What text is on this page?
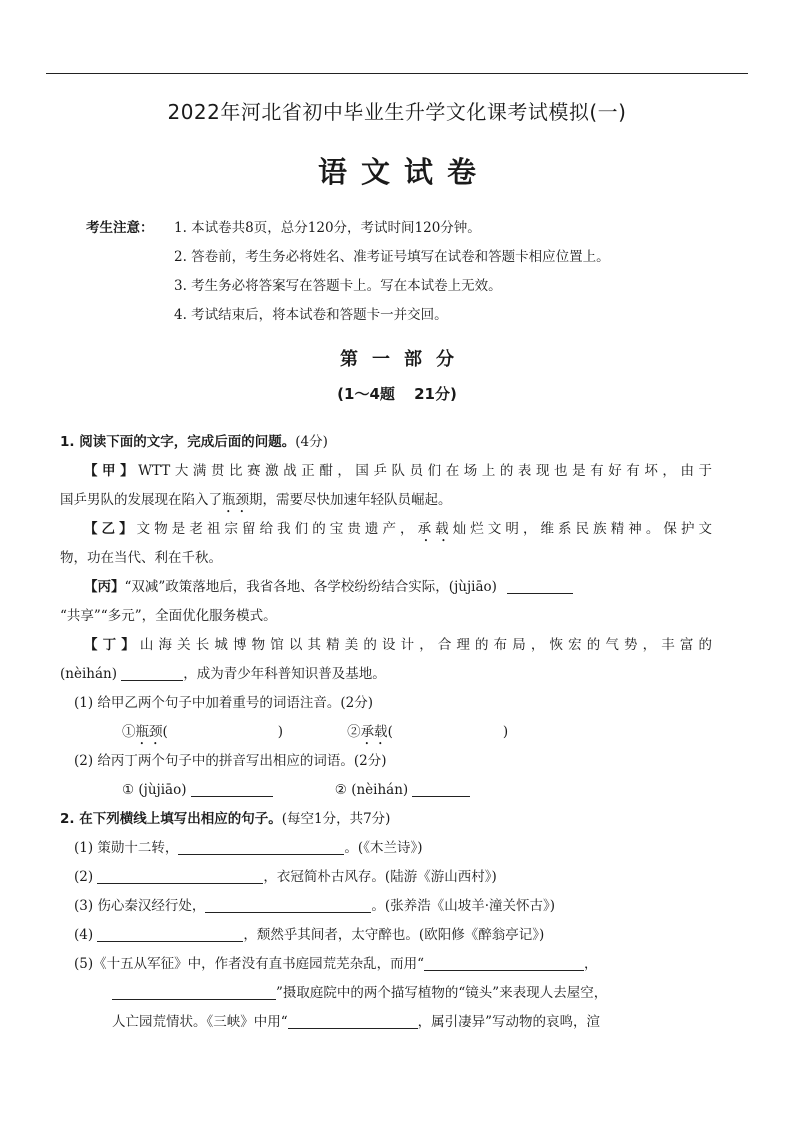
2022年河北省初中毕业生升学文化课考试模拟(一)
语文试卷
考生注意：	1. 本试卷共8页，总分120分，考试时间120分钟。
2. 答卷前，考生务必将姓名、准考证号填写在试卷和答题卡相应位置上。
3. 考生务必将答案写在答题卡上。写在本试卷上无效。
4. 考试结束后，将本试卷和答题卡一并交回。
第一部分
(1～4题 21分)
1. 阅读下面的文字，完成后面的问题。(4分)
【甲】WTT大满贯比赛激战正酣，国乒队员们在场上的表现也是有好有坏，由于
国乒男队的发展现在陷入了瓶颈期，需要尽快加速年轻队员崛起。
【乙】文物是老祖宗留给我们的宝贵遗产，承载灿烂文明，维系民族精神。保护文
物，功在当代、利在千秋。
【丙】“双减”政策落地后，我省各地、各学校纷纷结合实际，(jùjiāo)
“共享”“多元”，全面优化服务模式。
【丁】山海关长城博物馆以其精美的设计，合理的布局，恢宏的气势，丰富的
(nèihán)	，成为青少年科普知识普及基地。
(1) 给甲乙两个句子中加着重号的词语注音。(2分)
①瓶颈(	)	②承载(	)
(2) 给丙丁两个句子中的拼音写出相应的词语。(2分)
① (jùjiāo)	② (nèihán)
2. 在下列横线上填写出相应的句子。(每空1分，共7分)
(1) 策勋十二转，	。(《木兰诗》)
(2)	，衣冠简朴古风存。(陆游《游山西村》)
(3) 伤心秦汉经行处，	。(张养浩《山坡羊·潼关怀古》)
(4)	，颓然乎其间者，太守醉也。(欧阳修《醉翁亭记》)
(5)《十五从军征》中，作者没有直书庭园荒芜杂乱，而用“	，
”摄取庭院中的两个描写植物的“镜头”来表现人去屋空，
人亡园荒情状。《三峡》中用“	，属引凄异”写动物的哀鸣，渲
